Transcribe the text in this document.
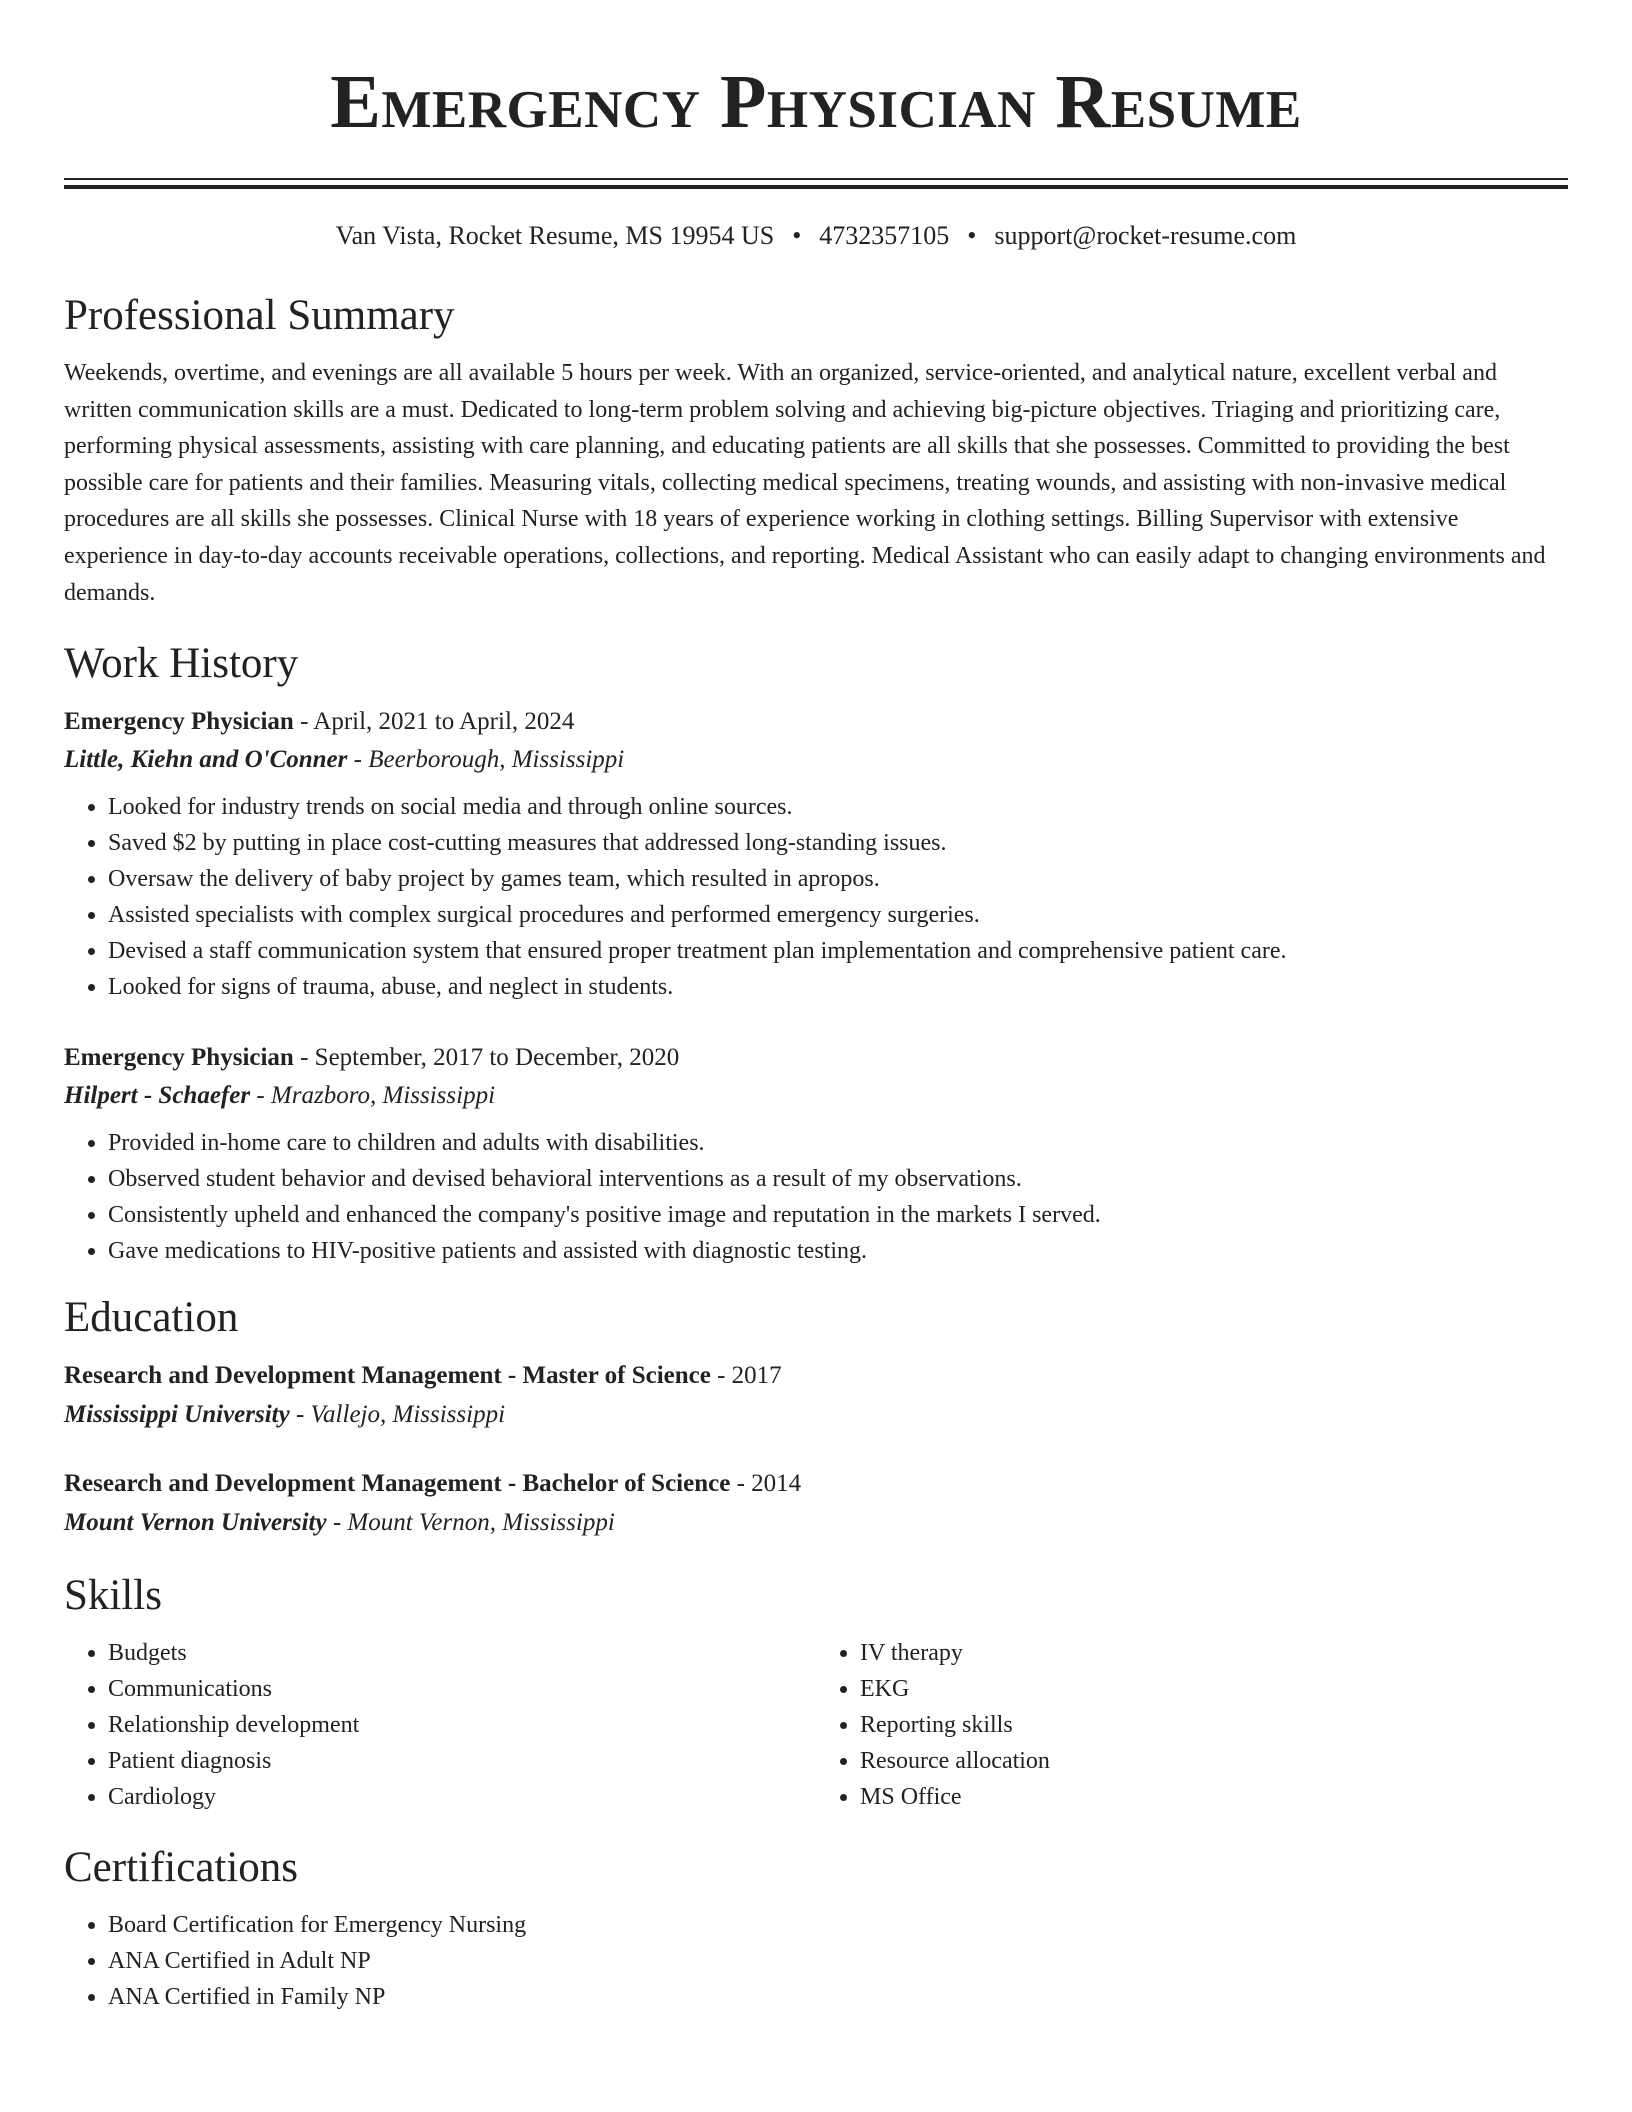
Emergency Physician Resume
Van Vista, Rocket Resume, MS 19954 US • 4732357105 • support@rocket-resume.com
Professional Summary

Weekends, overtime, and evenings are all available 5 hours per week. With an organized, service-oriented, and analytical nature, excellent verbal and written communication skills are a must. Dedicated to long-term problem solving and achieving big-picture objectives. Triaging and prioritizing care, performing physical assessments, assisting with care planning, and educating patients are all skills that she possesses. Committed to providing the best possible care for patients and their families. Measuring vitals, collecting medical specimens, treating wounds, and assisting with non-invasive medical procedures are all skills she possesses. Clinical Nurse with 18 years of experience working in clothing settings. Billing Supervisor with extensive experience in day-to-day accounts receivable operations, collections, and reporting. Medical Assistant who can easily adapt to changing environments and demands.

Work History
Emergency Physician - April, 2021 to April, 2024
Little, Kiehn and O'Conner - Beerborough, Mississippi
• Looked for industry trends on social media and through online sources.
• Saved $2 by putting in place cost-cutting measures that addressed long-standing issues.
• Oversaw the delivery of baby project by games team, which resulted in apropos.
• Assisted specialists with complex surgical procedures and performed emergency surgeries.
• Devised a staff communication system that ensured proper treatment plan implementation and comprehensive patient care.
• Looked for signs of trauma, abuse, and neglect in students.
Emergency Physician - September, 2017 to December, 2020
Hilpert - Schaefer - Mrazboro, Mississippi
• Provided in-home care to children and adults with disabilities.
• Observed student behavior and devised behavioral interventions as a result of my observations.
• Consistently upheld and enhanced the company's positive image and reputation in the markets I served.
• Gave medications to HIV-positive patients and assisted with diagnostic testing.
Education
Research and Development Management - Master of Science - 2017
Mississippi University - Vallejo, Mississippi
Research and Development Management - Bachelor of Science - 2014
Mount Vernon University - Mount Vernon, Mississippi
Skills
• Budgets
• Communications
• Relationship development
• Patient diagnosis
• Cardiology
• IV therapy
• EKG
• Reporting skills
• Resource allocation
• MS Office
Certifications
• Board Certification for Emergency Nursing
• ANA Certified in Adult NP
• ANA Certified in Family NP
